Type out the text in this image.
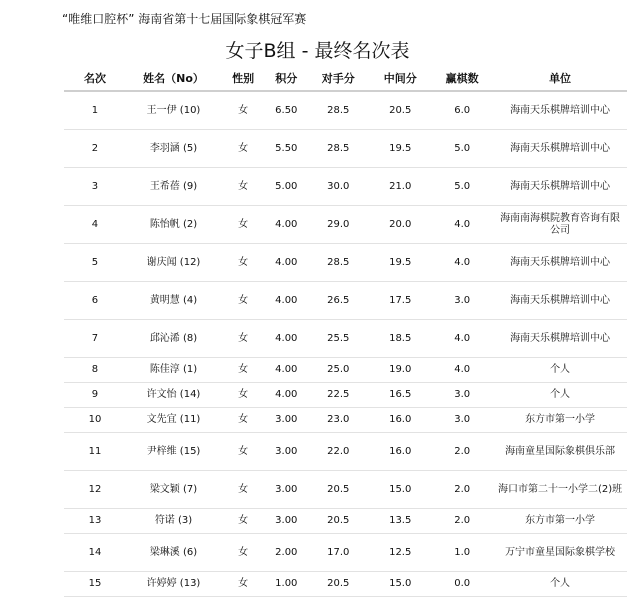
“唯维口腔杯” 海南省第十七届国际象棋冠军赛
女子B组 - 最终名次表
名次	姓名（No）	性别	积分	对手分	中间分	赢棋数	单位
1	王一伊 (10)	女	6.50	28.5	20.5	6.0	海南天乐棋牌培训中心
2	李羽涵 (5)	女	5.50	28.5	19.5	5.0	海南天乐棋牌培训中心
3	王希蓓 (9)	女	5.00	30.0	21.0	5.0	海南天乐棋牌培训中心
4	陈怡帆 (2)	女	4.00	29.0	20.0	4.0	海南南海棋院教育咨询有限公司
5	谢庆闻 (12)	女	4.00	28.5	19.5	4.0	海南天乐棋牌培训中心
6	黄明慧 (4)	女	4.00	26.5	17.5	3.0	海南天乐棋牌培训中心
7	邱沁浠 (8)	女	4.00	25.5	18.5	4.0	海南天乐棋牌培训中心
8	陈佳淳 (1)	女	4.00	25.0	19.0	4.0	个人
9	许文怡 (14)	女	4.00	22.5	16.5	3.0	个人
10	文先宜 (11)	女	3.00	23.0	16.0	3.0	东方市第一小学
11	尹梓维 (15)	女	3.00	22.0	16.0	2.0	海南童星国际象棋俱乐部
12	梁文颖 (7)	女	3.00	20.5	15.0	2.0	海口市第二十一小学二(2)班
13	符诺 (3)	女	3.00	20.5	13.5	2.0	东方市第一小学
14	梁琳溪 (6)	女	2.00	17.0	12.5	1.0	万宁市童星国际象棋学校
15	许婷婷 (13)	女	1.00	20.5	15.0	0.0	个人
